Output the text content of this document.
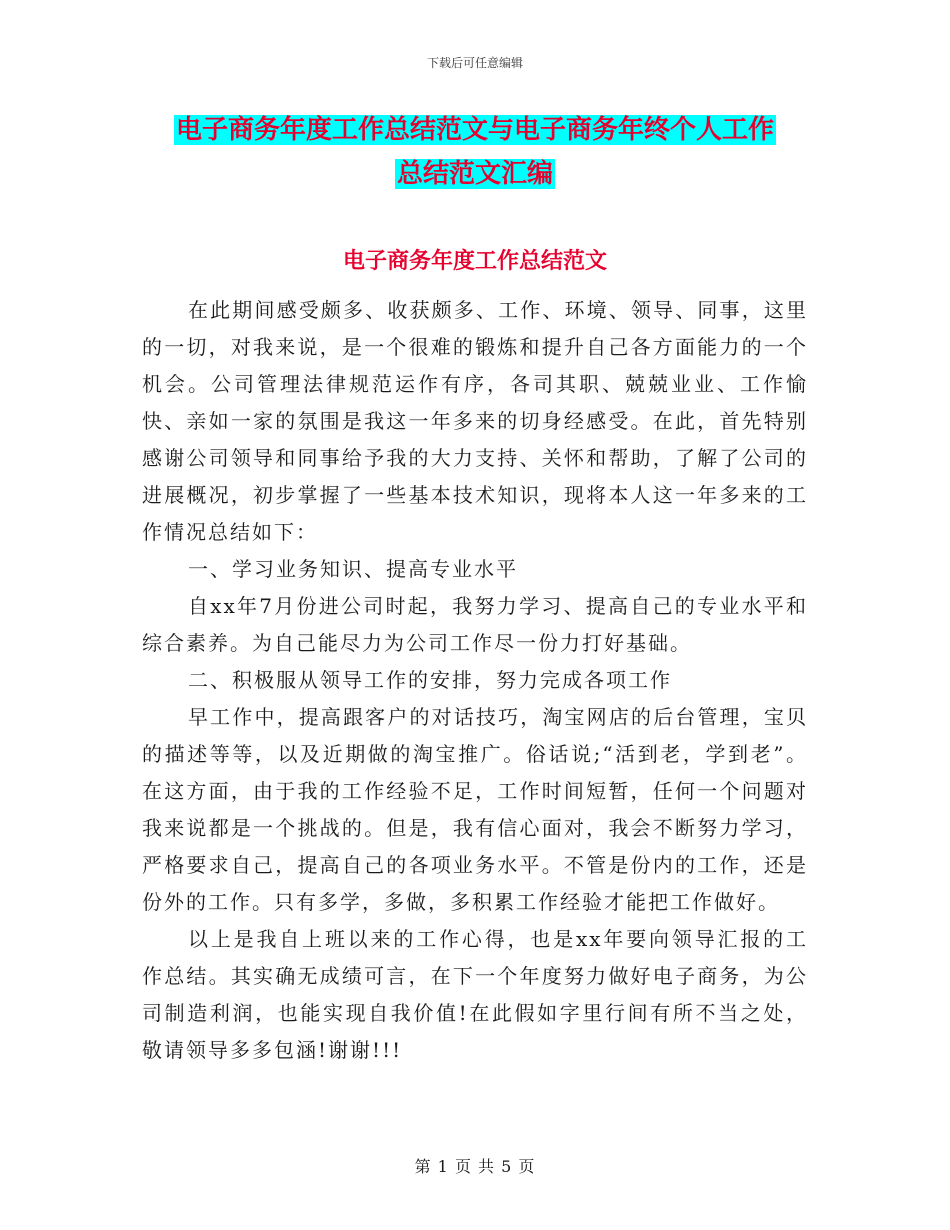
下载后可任意编辑
电子商务年度工作总结范文与电子商务年终个人工作
总结范文汇编
电子商务年度工作总结范文

在此期间感受颇多、收获颇多、工作、环境、领导、同事，这里的一切，对我来说，是一个很难的锻炼和提升自己各方面能力的一个机会。公司管理法律规范运作有序，各司其职、兢兢业业、工作愉快、亲如一家的氛围是我这一年多来的切身经感受。在此，首先特别感谢公司领导和同事给予我的大力支持、关怀和帮助，了解了公司的进展概况，初步掌握了一些基本技术知识，现将本人这一年多来的工作情况总结如下：

一、学习业务知识、提高专业水平

自xx年7月份进公司时起，我努力学习、提高自己的专业水平和综合素养。为自己能尽力为公司工作尽一份力打好基础。

二、积极服从领导工作的安排，努力完成各项工作

早工作中，提高跟客户的对话技巧，淘宝网店的后台管理，宝贝的描述等等，以及近期做的淘宝推广。俗话说;“活到老，学到老”。在这方面，由于我的工作经验不足，工作时间短暂，任何一个问题对我来说都是一个挑战的。但是，我有信心面对，我会不断努力学习，严格要求自己，提高自己的各项业务水平。不管是份内的工作，还是份外的工作。只有多学，多做，多积累工作经验才能把工作做好。

以上是我自上班以来的工作心得，也是xx年要向领导汇报的工作总结。其实确无成绩可言，在下一个年度努力做好电子商务，为公司制造利润，也能实现自我价值!在此假如字里行间有所不当之处，敬请领导多多包涵!谢谢!!!

第 1 页 共 5 页
